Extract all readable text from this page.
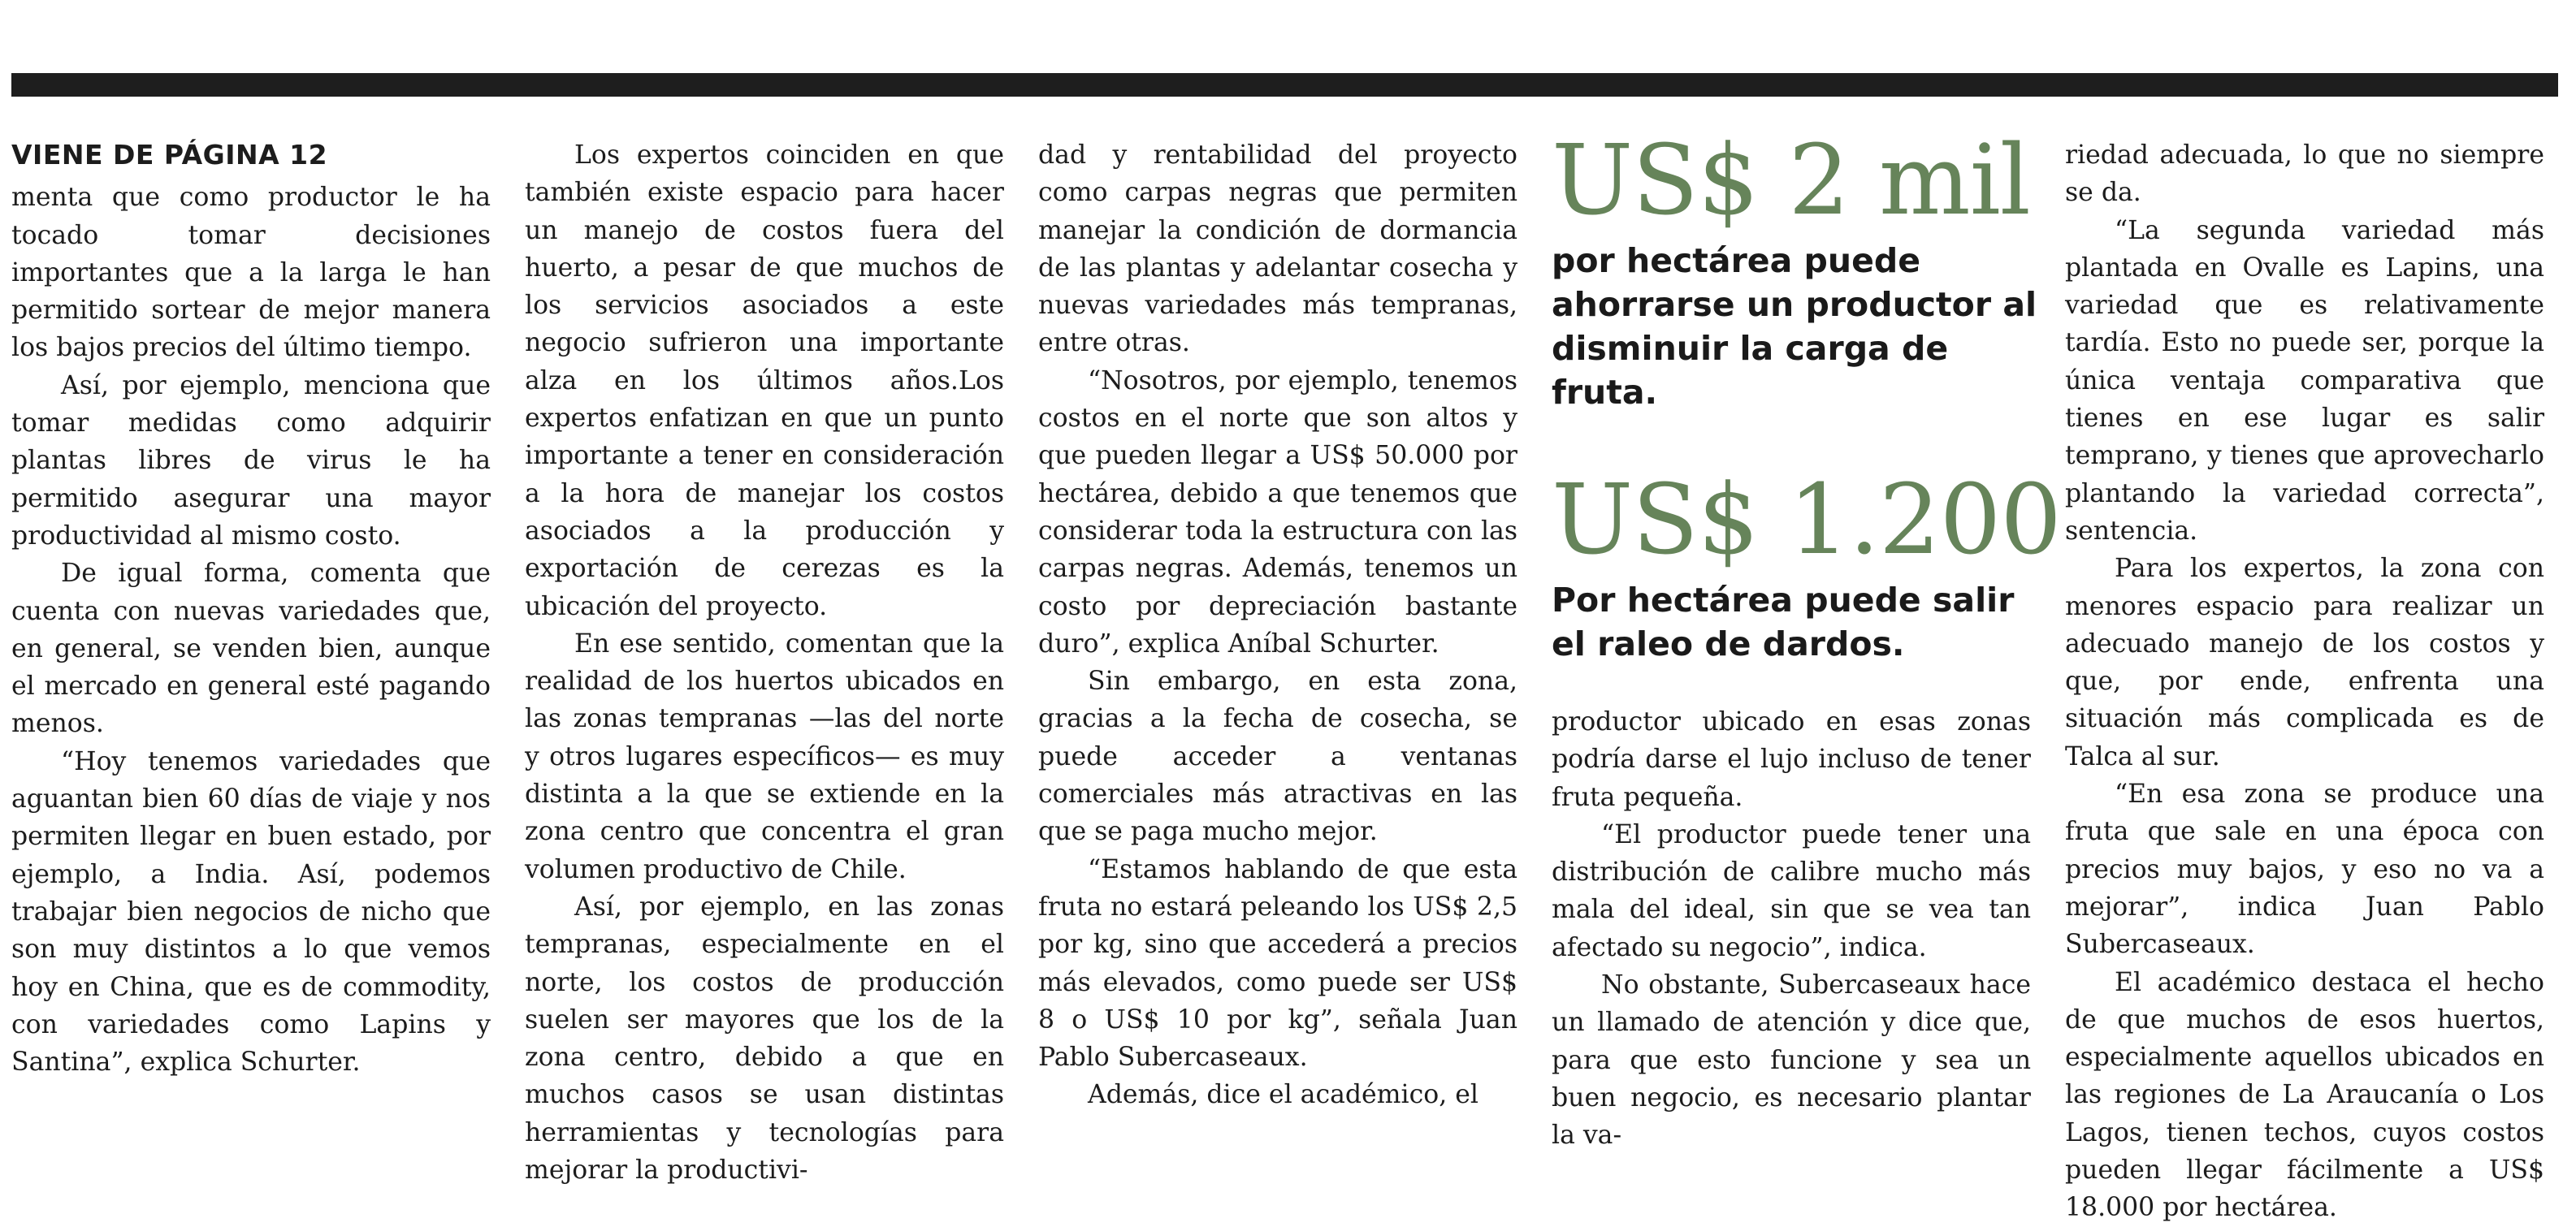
VIENE DE PÁGINA 12

menta que como productor le ha tocado tomar decisiones importantes que a la larga le han permitido sortear de mejor manera los bajos precios del último tiempo.

Así, por ejemplo, menciona que tomar medidas como adquirir plantas libres de virus le ha permitido asegurar una mayor productividad al mismo costo.

De igual forma, comenta que cuenta con nuevas variedades que, en general, se venden bien, aunque el mercado en general esté pagando menos.

“Hoy tenemos variedades que aguantan bien 60 días de viaje y nos permiten llegar en buen estado, por ejemplo, a India. Así, podemos trabajar bien negocios de nicho que son muy distintos a lo que vemos hoy en China, que es de commodity, con variedades como Lapins y Santina”, explica Schurter.

Los expertos coinciden en que también existe espacio para hacer un manejo de costos fuera del huerto, a pesar de que muchos de los servicios asociados a este negocio sufrieron una importante alza en los últimos años.Los expertos enfatizan en que un punto importante a tener en consideración a la hora de manejar los costos asociados a la producción y exportación de cerezas es la ubicación del proyecto.

En ese sentido, comentan que la realidad de los huertos ubicados en las zonas tempranas —las del norte y otros lugares específicos— es muy distinta a la que se extiende en la zona centro que concentra el gran volumen productivo de Chile.

Así, por ejemplo, en las zonas tempranas, especialmente en el norte, los costos de producción suelen ser mayores que los de la zona centro, debido a que en muchos casos se usan distintas herramientas y tecnologías para mejorar la productivi-

dad y rentabilidad del proyecto como carpas negras que permiten manejar la condición de dormancia de las plantas y adelantar cosecha y nuevas variedades más tempranas, entre otras.

“Nosotros, por ejemplo, tenemos costos en el norte que son altos y que pueden llegar a US$ 50.000 por hectárea, debido a que tenemos que considerar toda la estructura con las carpas negras. Además, tenemos un costo por depreciación bastante duro”, explica Aníbal Schurter.

Sin embargo, en esta zona, gracias a la fecha de cosecha, se puede acceder a ventanas comerciales más atractivas en las que se paga mucho mejor.

“Estamos hablando de que esta fruta no estará peleando los US$ 2,5 por kg, sino que accederá a precios más elevados, como puede ser US$ 8 o US$ 10 por kg”, señala Juan Pablo Subercaseaux.

Además, dice el académico, el

US$ 2 mil
por hectárea puede ahorrarse un productor al disminuir la carga de fruta.
US$ 1.200
Por hectárea puede salir el raleo de dardos.

productor ubicado en esas zonas podría darse el lujo incluso de tener fruta pequeña.

“El productor puede tener una distribución de calibre mucho más mala del ideal, sin que se vea tan afectado su negocio”, indica.

No obstante, Subercaseaux hace un llamado de atención y dice que, para que esto funcione y sea un buen negocio, es necesario plantar la va-

riedad adecuada, lo que no siempre se da.

“La segunda variedad más plantada en Ovalle es Lapins, una variedad que es relativamente tardía. Esto no puede ser, porque la única ventaja comparativa que tienes en ese lugar es salir temprano, y tienes que aprovecharlo plantando la variedad correcta”, sentencia.

Para los expertos, la zona con menores espacio para realizar un adecuado manejo de los costos y que, por ende, enfrenta una situación más complicada es de Talca al sur.

“En esa zona se produce una fruta que sale en una época con precios muy bajos, y eso no va a mejorar”, indica Juan Pablo Subercaseaux.

El académico destaca el hecho de que muchos de esos huertos, especialmente aquellos ubicados en las regiones de La Araucanía o Los Lagos, tienen techos, cuyos costos pueden llegar fácilmente a US$ 18.000 por hectárea.
